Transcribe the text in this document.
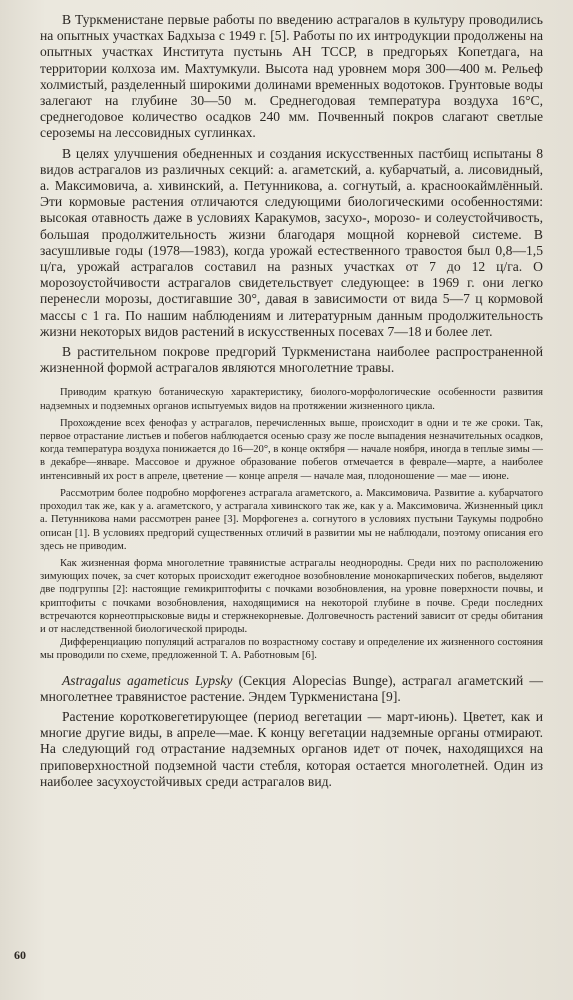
В Туркменистане первые работы по введению астрагалов в культуру проводились на опытных участках Бадхыза с 1949 г. [5]. Работы по их интродукции продолжены на опытных участках Института пустынь АН ТССР, в предгорьях Копетдага, на территории колхоза им. Махтумкули. Высота над уровнем моря 300—400 м. Рельеф холмистый, разделенный широкими долинами временных водотоков. Грунтовые воды залегают на глубине 30—50 м. Среднегодовая температура воздуха 16°C, среднегодовое количество осадков 240 мм. Почвенный покров слагают светлые сероземы на лессовидных суглинках.

В целях улучшения обедненных и создания искусственных пастбищ испытаны 8 видов астрагалов из различных секций: а. агаметский, а. кубарчатый, а. лисовидный, а. Максимовича, а. хивинский, а. Петунникова, а. согнутый, а. красноокаймлённый. Эти кормовые растения отличаются следующими биологическими особенностями: высокая отавность даже в условиях Каракумов, засухо-, морозо- и солеустойчивость, большая продолжительность жизни благодаря мощной корневой системе. В засушливые годы (1978—1983), когда урожай естественного травостоя был 0,8—1,5 ц/га, урожай астрагалов составил на разных участках от 7 до 12 ц/га. О морозоустойчивости астрагалов свидетельствует следующее: в 1969 г. они легко перенесли морозы, достигавшие 30°, давая в зависимости от вида 5—7 ц кормовой массы с 1 га. По нашим наблюдениям и литературным данным продолжительность жизни некоторых видов растений в искусственных посевах 7—18 и более лет.

В растительном покрове предгорий Туркменистана наиболее распространенной жизненной формой астрагалов являются многолетние травы.

Приводим краткую ботаническую характеристику, биолого-морфологические особенности развития надземных и подземных органов испытуемых видов на протяжении жизненного цикла.

Прохождение всех фенофаз у астрагалов, перечисленных выше, происходит в одни и те же сроки. Так, первое отрастание листьев и побегов наблюдается осенью сразу же после выпадения незначительных осадков, когда температура воздуха понижается до 16—20°, в конце октября — начале ноября, иногда в теплые зимы — в декабре—январе. Массовое и дружное образование побегов отмечается в феврале—марте, а наиболее интенсивный их рост в апреле, цветение — конце апреля — начале мая, плодоношение — мае — июне.

Рассмотрим более подробно морфогенез астрагала агаметского, а. Максимовича. Развитие а. кубарчатого проходил так же, как у а. агаметского, у астрагала хивинского так же, как у а. Максимовича. Жизненный цикл а. Петунникова нами рассмотрен ранее [3]. Морфогенез а. согнутого в условиях пустыни Таукумы подробно описан [1]. В условиях предгорий существенных отличий в развитии мы не наблюдали, поэтому описания его здесь не приводим.

Как жизненная форма многолетние травянистые астрагалы неоднородны. Среди них по расположению зимующих почек, за счет которых происходит ежегодное возобновление монокарпических побегов, выделяют две подгруппы [2]: настоящие гемикриптофиты с почками возобновления, на уровне поверхности почвы, и криптофиты с почками возобновления, находящимися на некоторой глубине в почве. Среди последних встречаются корнеотпрысковые виды и стержнекорневые. Долговечность растений зависит от среды обитания и от наследственной биологической природы.

Дифференциацию популяций астрагалов по возрастному составу и определение их жизненного состояния мы проводили по схеме, предложенной Т. А. Работновым [6].

Astragalus agameticus Lypsky (Секция Alopecias Bunge), астрагал агаметский — многолетнее травянистое растение. Эндем Туркменистана [9].

Растение коротковегетирующее (период вегетации — март-июнь). Цветет, как и многие другие виды, в апреле—мае. К концу вегетации надземные органы отмирают. На следующий год отрастание надземных органов идет от почек, находящихся на приповерхностной подземной части стебля, которая остается многолетней. Один из наиболее засухоустойчивых среди астрагалов вид.

60
